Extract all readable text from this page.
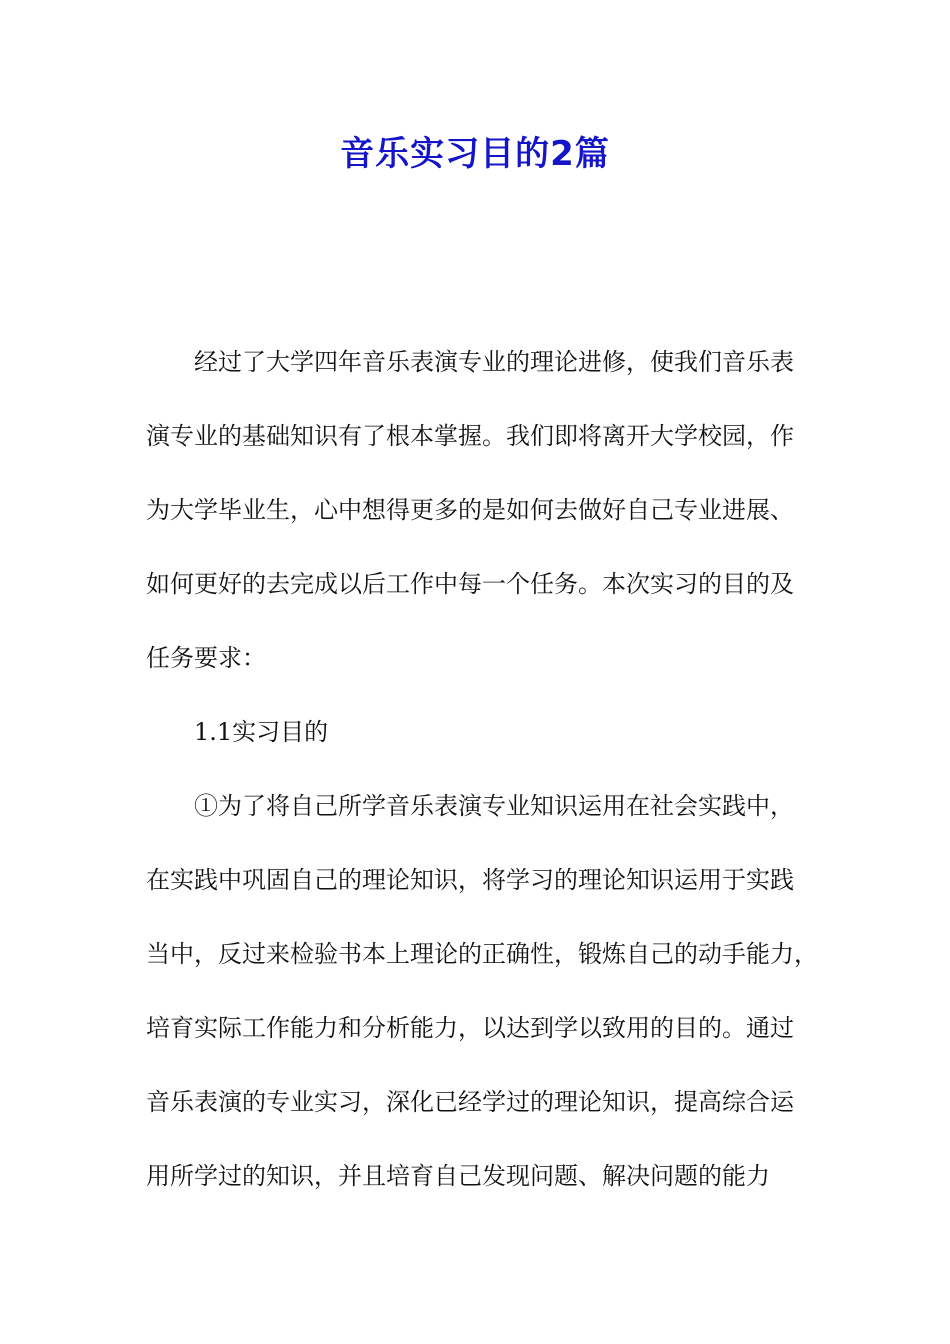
音乐实习目的2篇
经过了大学四年音乐表演专业的理论进修，使我们音乐表
演专业的基础知识有了根本掌握。我们即将离开大学校园，作
为大学毕业生，心中想得更多的是如何去做好自己专业进展、
如何更好的去完成以后工作中每一个任务。本次实习的目的及
任务要求：
1.1实习目的
①为了将自己所学音乐表演专业知识运用在社会实践中，
在实践中巩固自己的理论知识，将学习的理论知识运用于实践
当中，反过来检验书本上理论的正确性，锻炼自己的动手能力，
培育实际工作能力和分析能力，以达到学以致用的目的。通过
音乐表演的专业实习，深化已经学过的理论知识，提高综合运
用所学过的知识，并且培育自己发现问题、解决问题的能力
